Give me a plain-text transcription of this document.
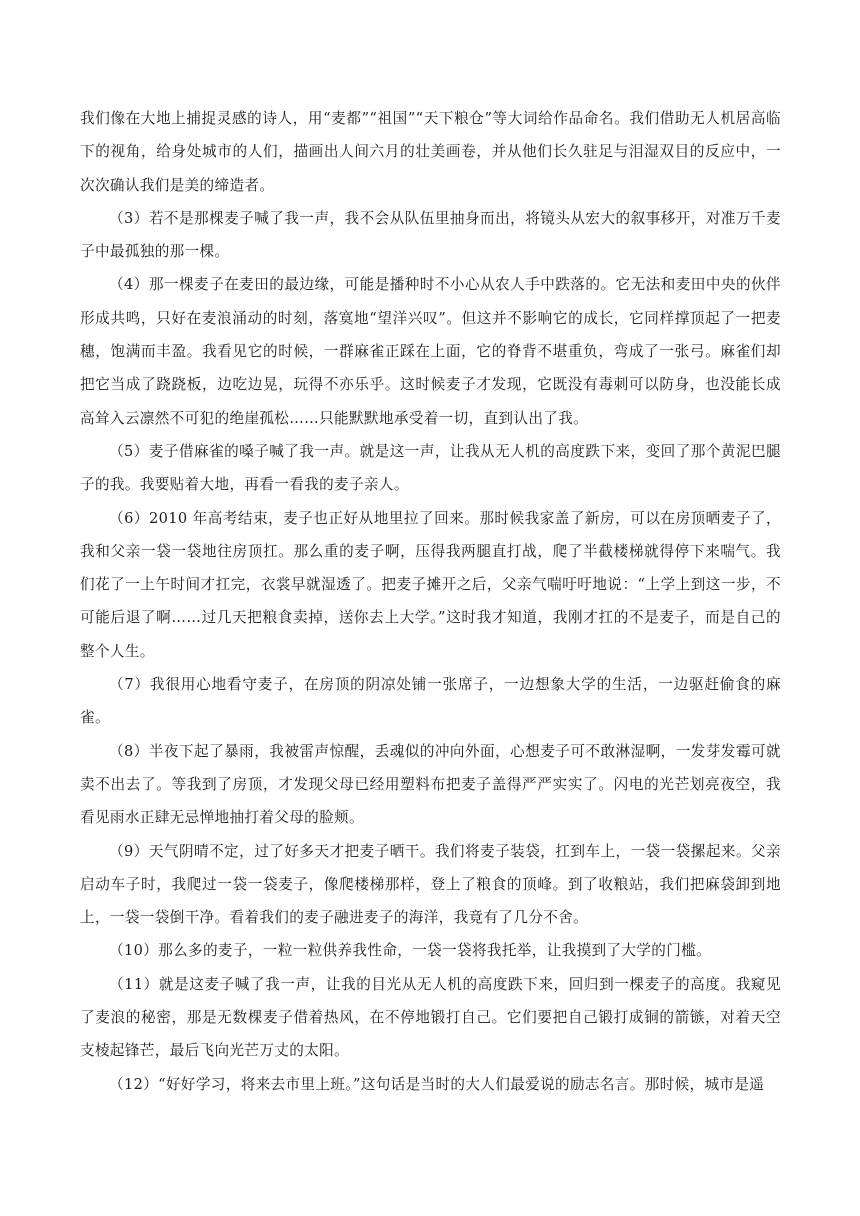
我们像在大地上捕捉灵感的诗人，用“麦都”“祖国”“天下粮仓”等大词给作品命名。我们借助无人机居高临下的视角，给身处城市的人们，描画出人间六月的壮美画卷，并从他们长久驻足与泪湿双目的反应中，一次次确认我们是美的缔造者。

（3）若不是那棵麦子喊了我一声，我不会从队伍里抽身而出，将镜头从宏大的叙事移开，对准万千麦子中最孤独的那一棵。

（4）那一棵麦子在麦田的最边缘，可能是播种时不小心从农人手中跌落的。它无法和麦田中央的伙伴形成共鸣，只好在麦浪涌动的时刻，落寞地“望洋兴叹”。但这并不影响它的成长，它同样撑顶起了一把麦穗，饱满而丰盈。我看见它的时候，一群麻雀正踩在上面，它的脊背不堪重负，弯成了一张弓。麻雀们却把它当成了跷跷板，边吃边晃，玩得不亦乐乎。这时候麦子才发现，它既没有毒刺可以防身，也没能长成高耸入云凛然不可犯的绝崖孤松……只能默默地承受着一切，直到认出了我。

（5）麦子借麻雀的嗓子喊了我一声。就是这一声，让我从无人机的高度跌下来，变回了那个黄泥巴腿子的我。我要贴着大地，再看一看我的麦子亲人。

（6）2010 年高考结束，麦子也正好从地里拉了回来。那时候我家盖了新房，可以在房顶晒麦子了，我和父亲一袋一袋地往房顶扛。那么重的麦子啊，压得我两腿直打战，爬了半截楼梯就得停下来喘气。我们花了一上午时间才扛完，衣裳早就湿透了。把麦子摊开之后，父亲气喘吁吁地说：“上学上到这一步，不可能后退了啊……过几天把粮食卖掉，送你去上大学。”这时我才知道，我刚才扛的不是麦子，而是自己的整个人生。

（7）我很用心地看守麦子，在房顶的阴凉处铺一张席子，一边想象大学的生活，一边驱赶偷食的麻雀。

（8）半夜下起了暴雨，我被雷声惊醒，丢魂似的冲向外面，心想麦子可不敢淋湿啊，一发芽发霉可就卖不出去了。等我到了房顶，才发现父母已经用塑料布把麦子盖得严严实实了。闪电的光芒划亮夜空，我看见雨水正肆无忌惮地抽打着父母的脸颊。

（9）天气阴晴不定，过了好多天才把麦子晒干。我们将麦子装袋，扛到车上，一袋一袋摞起来。父亲启动车子时，我爬过一袋一袋麦子，像爬楼梯那样，登上了粮食的顶峰。到了收粮站，我们把麻袋卸到地上，一袋一袋倒干净。看着我们的麦子融进麦子的海洋，我竟有了几分不舍。

（10）那么多的麦子，一粒一粒供养我性命，一袋一袋将我托举，让我摸到了大学的门槛。

（11）就是这麦子喊了我一声，让我的目光从无人机的高度跌下来，回归到一棵麦子的高度。我窥见了麦浪的秘密，那是无数棵麦子借着热风，在不停地锻打自己。它们要把自己锻打成铜的箭镞，对着天空支棱起锋芒，最后飞向光芒万丈的太阳。

（12）“好好学习，将来去市里上班。”这句话是当时的大人们最爱说的励志名言。那时候，城市是遥
